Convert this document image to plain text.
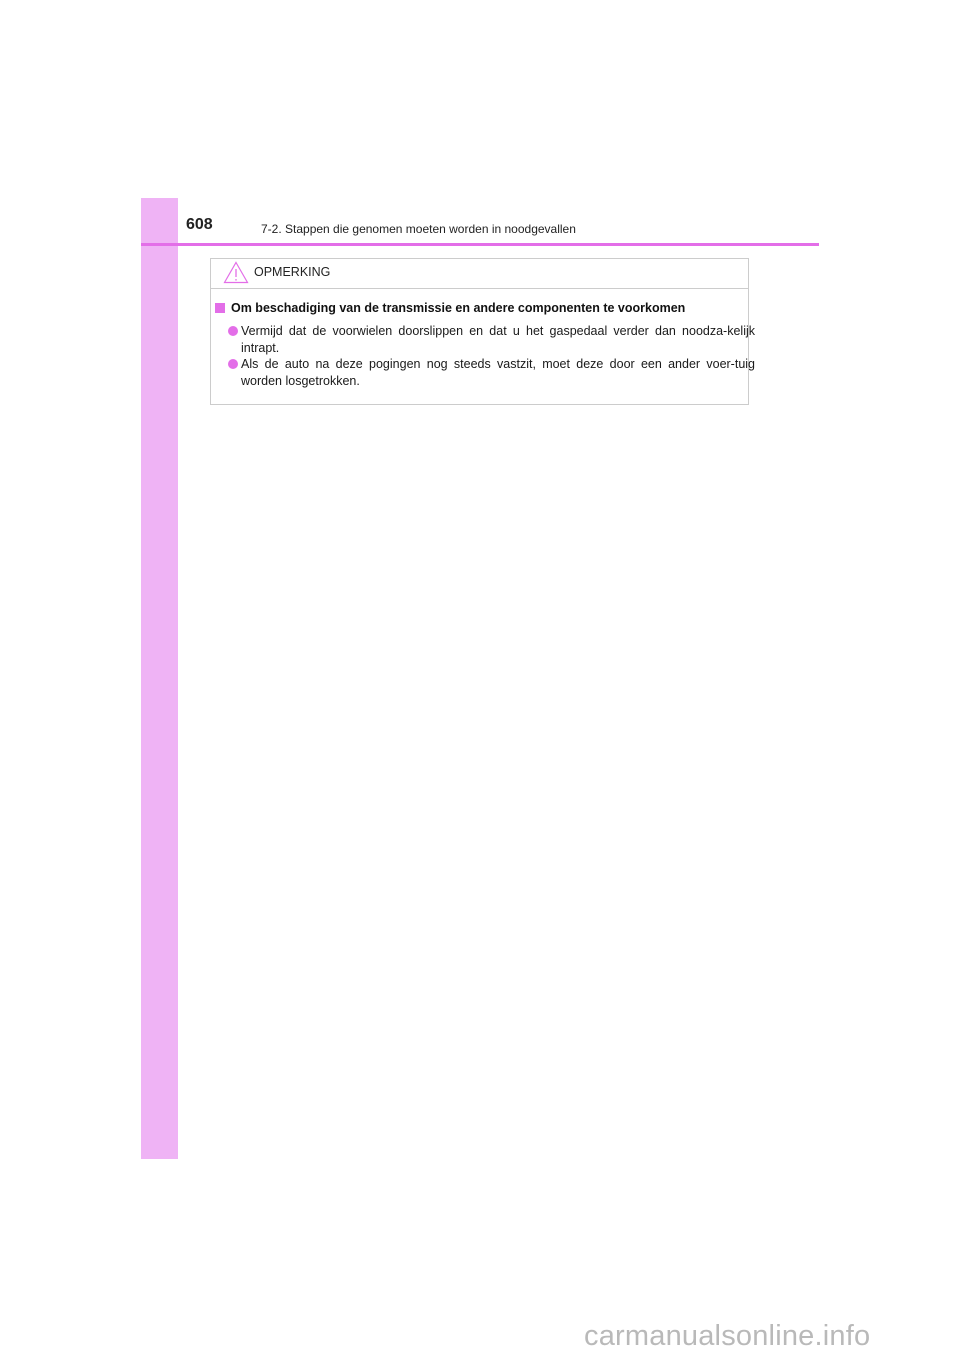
608	7-2. Stappen die genomen moeten worden in noodgevallen
OPMERKING
Om beschadiging van de transmissie en andere componenten te voorkomen
Vermijd dat de voorwielen doorslippen en dat u het gaspedaal verder dan noodza-kelijk intrapt.
Als de auto na deze pogingen nog steeds vastzit, moet deze door een ander voer-tuig worden losgetrokken.
carmanualsonline.info
